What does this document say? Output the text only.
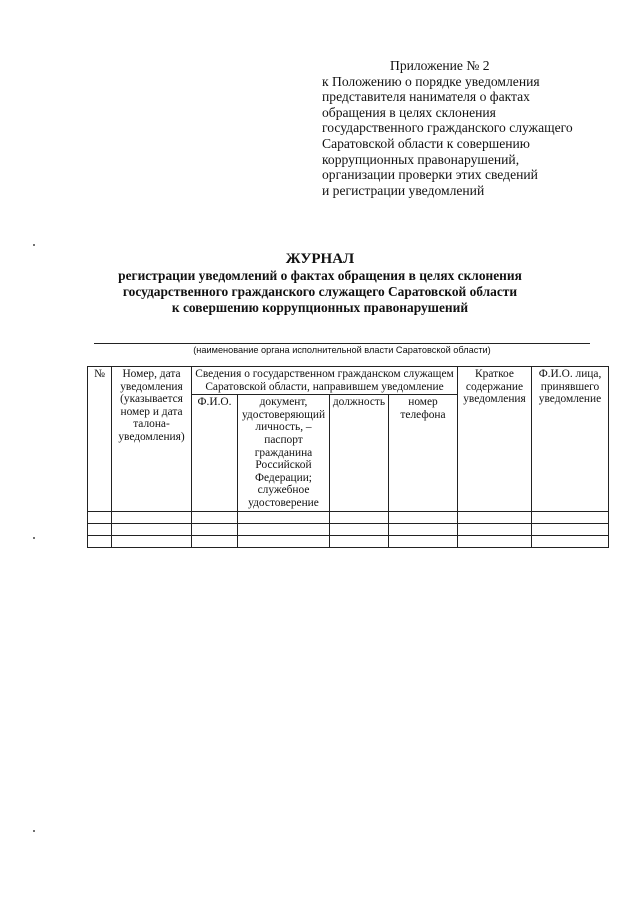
Приложение № 2
к Положению о порядке уведомления
представителя нанимателя о фактах
обращения в целях склонения
государственного гражданского служащего
Саратовской области к совершению
коррупционных правонарушений,
организации проверки этих сведений
и регистрации уведомлений
ЖУРНАЛ
регистрации уведомлений о фактах обращения в целях склонения
государственного гражданского служащего Саратовской области
к совершению коррупционных правонарушений
(наименование органа исполнительной власти Саратовской области)
№	Номер, дата уведомления (указывается номер и дата талона-уведомления)	Сведения о государственном гражданском служащем Саратовской области, направившем уведомление				Краткое содержание уведомления	Ф.И.О. лица, принявшего уведомление
		Ф.И.О.	документ, удостоверяющий личность, – паспорт гражданина Российской Федерации; служебное удостоверение	должность	номер телефона		
